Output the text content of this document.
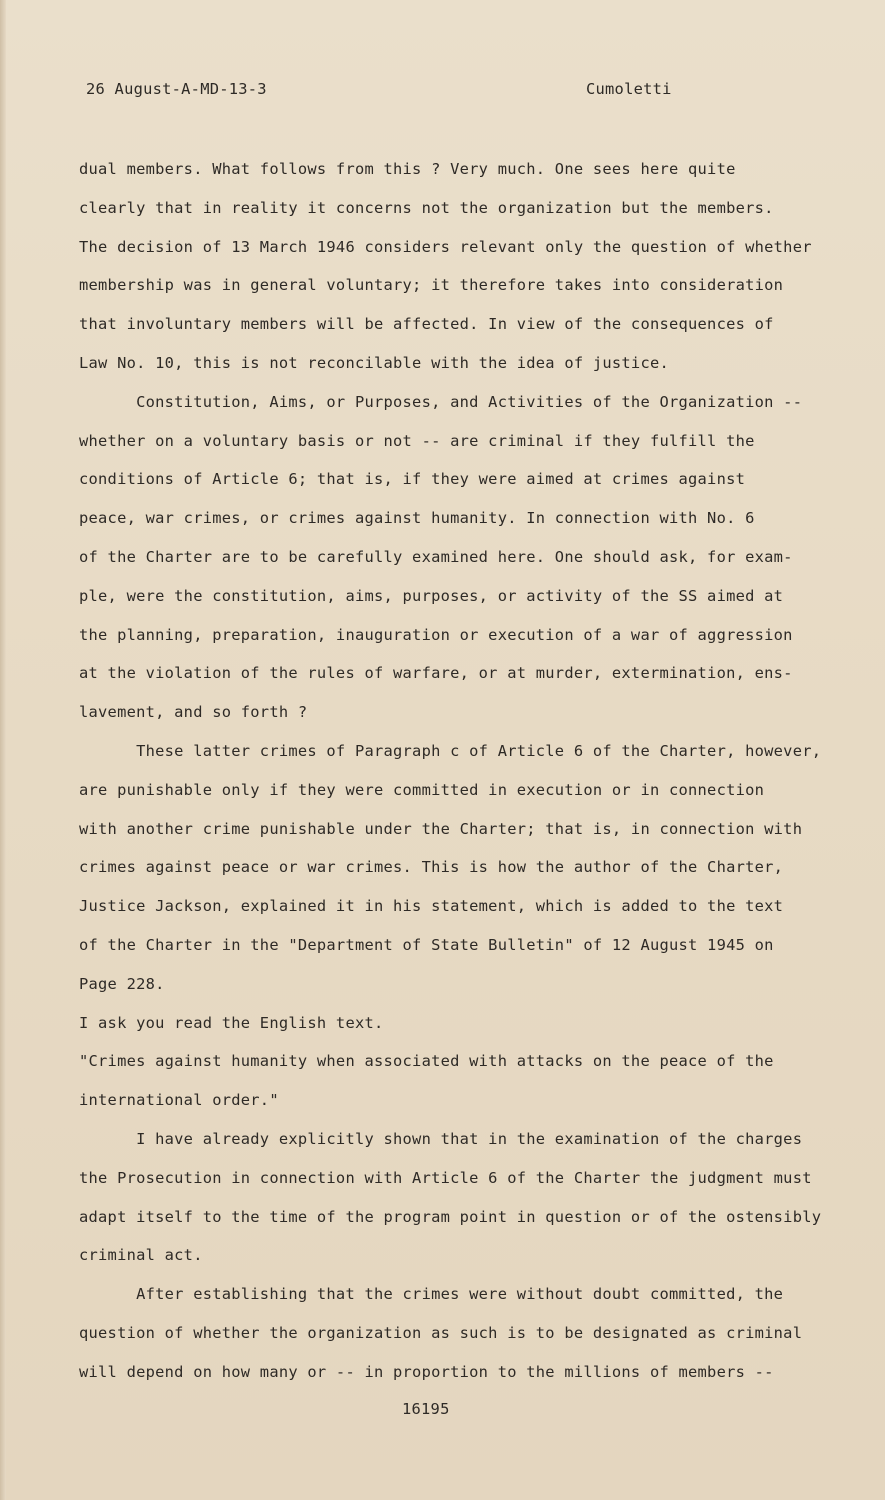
26 August-A-MD-13-3	Cumoletti
dual members. What follows from this ? Very much. One sees here quite
clearly that in reality it concerns not the organization but the members.
The decision of 13 March 1946 considers relevant only the question of whether
membership was in general voluntary; it therefore takes into consideration
that involuntary members will be affected. In view of the consequences of
Law No. 10, this is not reconcilable with the idea of justice.
Constitution, Aims, or Purposes, and Activities of the Organization --
whether on a voluntary basis or not -- are criminal if they fulfill the
conditions of Article 6; that is, if they were aimed at crimes against
peace, war crimes, or crimes against humanity. In connection with No. 6
of the Charter are to be carefully examined here. One should ask, for exam-
ple, were the constitution, aims, purposes, or activity of the SS aimed at
the planning, preparation, inauguration or execution of a war of aggression
at the violation of the rules of warfare, or at murder, extermination, ens-
lavement, and so forth ?
These latter crimes of Paragraph c of Article 6 of the Charter, however,
are punishable only if they were committed in execution or in connection
with another crime punishable under the Charter; that is, in connection with
crimes against peace or war crimes. This is how the author of the Charter,
Justice Jackson, explained it in his statement, which is added to the text
of the Charter in the "Department of State Bulletin" of 12 August 1945 on
Page 228.
I ask you read the English text.
"Crimes against humanity when associated with attacks on the peace of the
international order."
I have already explicitly shown that in the examination of the charges
the Prosecution in connection with Article 6 of the Charter the judgment must
adapt itself to the time of the program point in question or of the ostensibly
criminal act.
After establishing that the crimes were without doubt committed, the
question of whether the organization as such is to be designated as criminal
will depend on how many or -- in proportion to the millions of members --
16195
